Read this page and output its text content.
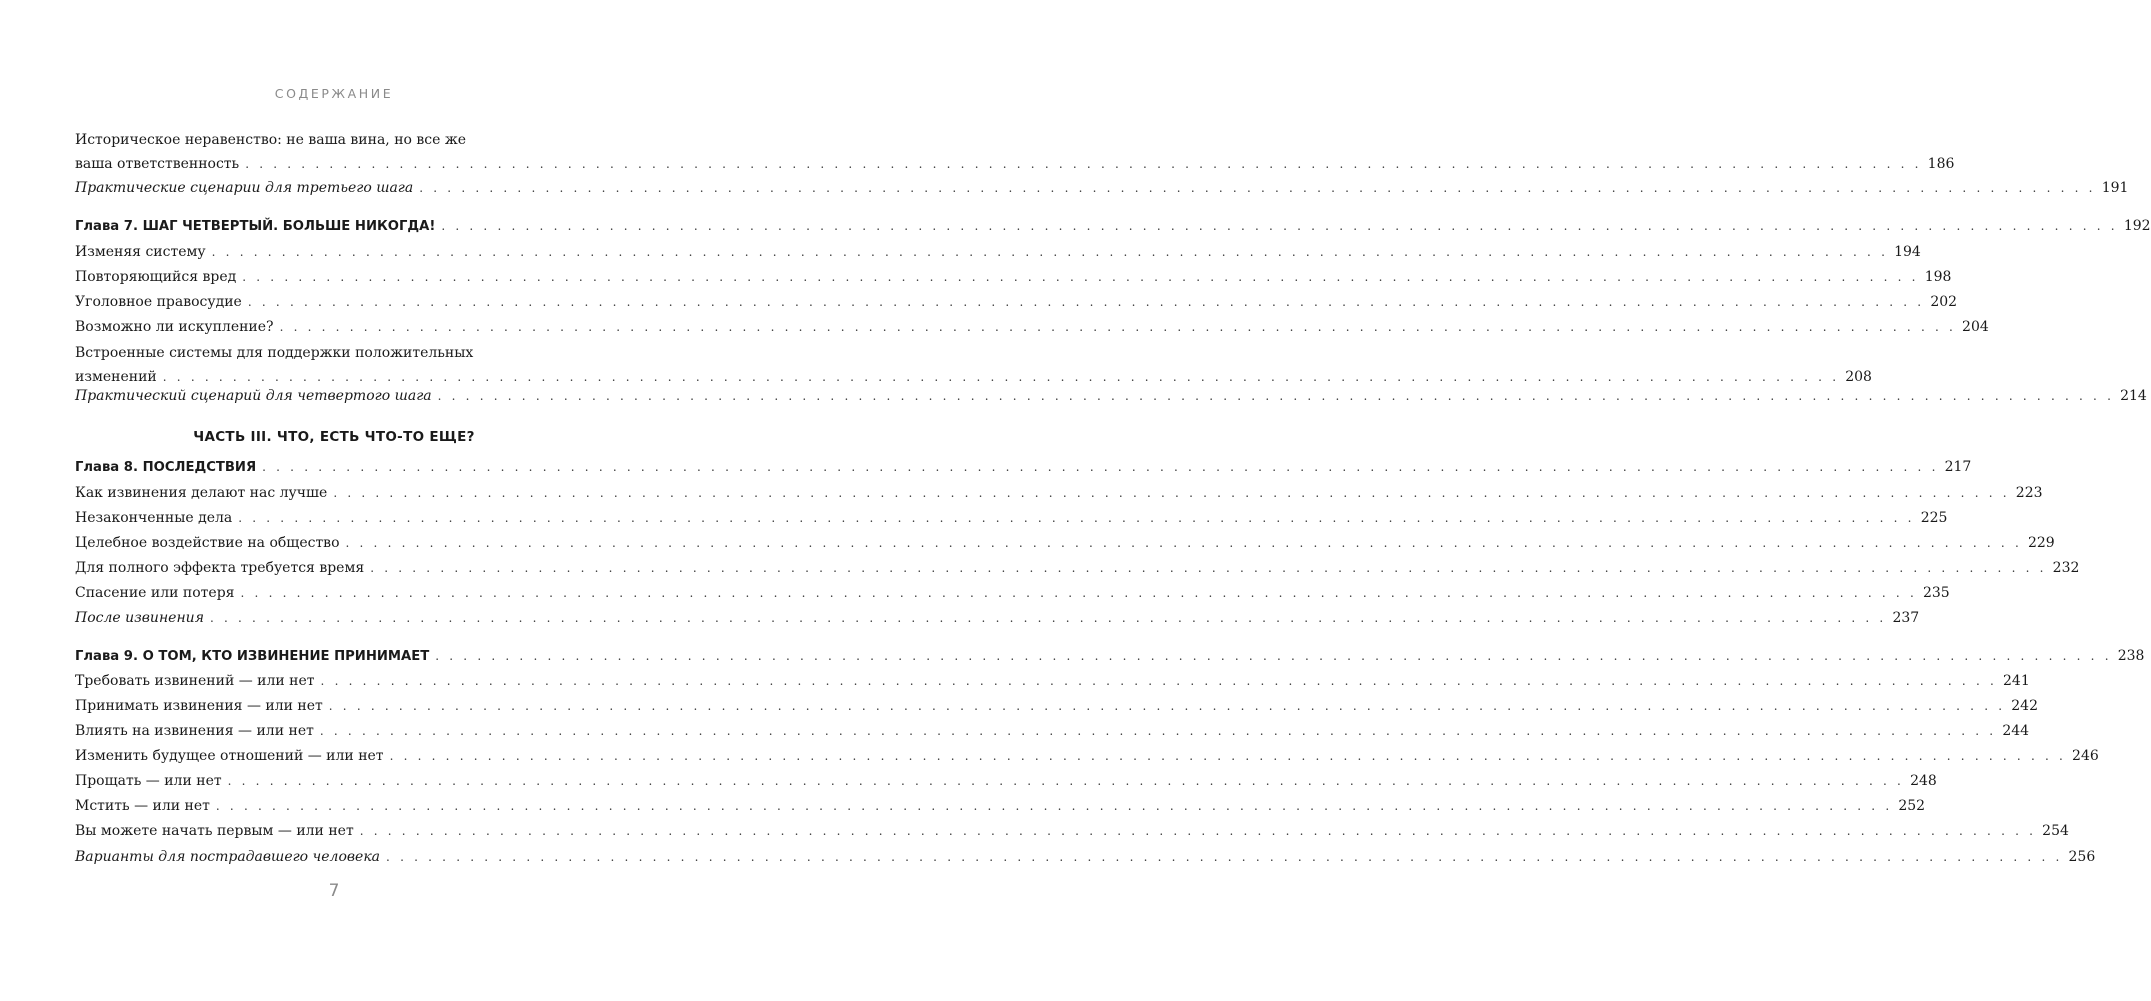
СОДЕРЖАНИЕ
Историческое неравенство: не ваша вина, но все же
ваша ответственность . . . . . . . . . . . . . . . . . . . . . . . . . . . . . . . . . . . . . . . . . . . . . . . . . . . . . . . . . . . . . . . . . . . . . . . . . . . . . . . . . . . . . . . . . . . . . . . . . . . . . . . . . . . . . . . . . . . . . . . . 186
Практические сценарии для третьего шага . . . . . . . . . . . . . . . . . . . . . . . . . . . . . . . . . . . . . . . . . . . . . . . . . . . . . . . . . . . . . . . . . . . . . . . . . . . . . . . . . . . . . . . . . . . . . . . . . . . . . . . . . . . . . . . . . . . . . . . . 191
Глава 7. ШАГ ЧЕТВЕРТЫЙ. БОЛЬШЕ НИКОГДА! . . . . . . . . . . . . . . . . . . . . . . . . . . . . . . . . . . . . . . . . . . . . . . . . . . . . . . . . . . . . . . . . . . . . . . . . . . . . . . . . . . . . . . . . . . . . . . . . . . . . . . . . . . . . . . . . . . . . . . . . 192
Изменяя систему . . . . . . . . . . . . . . . . . . . . . . . . . . . . . . . . . . . . . . . . . . . . . . . . . . . . . . . . . . . . . . . . . . . . . . . . . . . . . . . . . . . . . . . . . . . . . . . . . . . . . . . . . . . . . . . . . . . . . . . . 194
Повторяющийся вред . . . . . . . . . . . . . . . . . . . . . . . . . . . . . . . . . . . . . . . . . . . . . . . . . . . . . . . . . . . . . . . . . . . . . . . . . . . . . . . . . . . . . . . . . . . . . . . . . . . . . . . . . . . . . . . . . . . . . . . . 198
Уголовное правосудие . . . . . . . . . . . . . . . . . . . . . . . . . . . . . . . . . . . . . . . . . . . . . . . . . . . . . . . . . . . . . . . . . . . . . . . . . . . . . . . . . . . . . . . . . . . . . . . . . . . . . . . . . . . . . . . . . . . . . . . . 202
Возможно ли искупление? . . . . . . . . . . . . . . . . . . . . . . . . . . . . . . . . . . . . . . . . . . . . . . . . . . . . . . . . . . . . . . . . . . . . . . . . . . . . . . . . . . . . . . . . . . . . . . . . . . . . . . . . . . . . . . . . . . . . . . . . 204
Встроенные системы для поддержки положительных
изменений . . . . . . . . . . . . . . . . . . . . . . . . . . . . . . . . . . . . . . . . . . . . . . . . . . . . . . . . . . . . . . . . . . . . . . . . . . . . . . . . . . . . . . . . . . . . . . . . . . . . . . . . . . . . . . . . . . . . . . . . 208
Практический сценарий для четвертого шага . . . . . . . . . . . . . . . . . . . . . . . . . . . . . . . . . . . . . . . . . . . . . . . . . . . . . . . . . . . . . . . . . . . . . . . . . . . . . . . . . . . . . . . . . . . . . . . . . . . . . . . . . . . . . . . . . . . . . . . . 214
Глава 8. ПОСЛЕДСТВИЯ . . . . . . . . . . . . . . . . . . . . . . . . . . . . . . . . . . . . . . . . . . . . . . . . . . . . . . . . . . . . . . . . . . . . . . . . . . . . . . . . . . . . . . . . . . . . . . . . . . . . . . . . . . . . . . . . . . . . . . . . 217
Как извинения делают нас лучше . . . . . . . . . . . . . . . . . . . . . . . . . . . . . . . . . . . . . . . . . . . . . . . . . . . . . . . . . . . . . . . . . . . . . . . . . . . . . . . . . . . . . . . . . . . . . . . . . . . . . . . . . . . . . . . . . . . . . . . . 223
Незаконченные дела . . . . . . . . . . . . . . . . . . . . . . . . . . . . . . . . . . . . . . . . . . . . . . . . . . . . . . . . . . . . . . . . . . . . . . . . . . . . . . . . . . . . . . . . . . . . . . . . . . . . . . . . . . . . . . . . . . . . . . . . 225
Целебное воздействие на общество . . . . . . . . . . . . . . . . . . . . . . . . . . . . . . . . . . . . . . . . . . . . . . . . . . . . . . . . . . . . . . . . . . . . . . . . . . . . . . . . . . . . . . . . . . . . . . . . . . . . . . . . . . . . . . . . . . . . . . . . 229
Для полного эффекта требуется время . . . . . . . . . . . . . . . . . . . . . . . . . . . . . . . . . . . . . . . . . . . . . . . . . . . . . . . . . . . . . . . . . . . . . . . . . . . . . . . . . . . . . . . . . . . . . . . . . . . . . . . . . . . . . . . . . . . . . . . . 232
Спасение или потеря . . . . . . . . . . . . . . . . . . . . . . . . . . . . . . . . . . . . . . . . . . . . . . . . . . . . . . . . . . . . . . . . . . . . . . . . . . . . . . . . . . . . . . . . . . . . . . . . . . . . . . . . . . . . . . . . . . . . . . . . 235
После извинения . . . . . . . . . . . . . . . . . . . . . . . . . . . . . . . . . . . . . . . . . . . . . . . . . . . . . . . . . . . . . . . . . . . . . . . . . . . . . . . . . . . . . . . . . . . . . . . . . . . . . . . . . . . . . . . . . . . . . . . . 237
Глава 9. О ТОМ, КТО ИЗВИНЕНИЕ ПРИНИМАЕТ . . . . . . . . . . . . . . . . . . . . . . . . . . . . . . . . . . . . . . . . . . . . . . . . . . . . . . . . . . . . . . . . . . . . . . . . . . . . . . . . . . . . . . . . . . . . . . . . . . . . . . . . . . . . . . . . . . . . . . . . 238
Требовать извинений — или нет . . . . . . . . . . . . . . . . . . . . . . . . . . . . . . . . . . . . . . . . . . . . . . . . . . . . . . . . . . . . . . . . . . . . . . . . . . . . . . . . . . . . . . . . . . . . . . . . . . . . . . . . . . . . . . . . . . . . . . . . 241
Принимать извинения — или нет . . . . . . . . . . . . . . . . . . . . . . . . . . . . . . . . . . . . . . . . . . . . . . . . . . . . . . . . . . . . . . . . . . . . . . . . . . . . . . . . . . . . . . . . . . . . . . . . . . . . . . . . . . . . . . . . . . . . . . . . 242
Влиять на извинения — или нет . . . . . . . . . . . . . . . . . . . . . . . . . . . . . . . . . . . . . . . . . . . . . . . . . . . . . . . . . . . . . . . . . . . . . . . . . . . . . . . . . . . . . . . . . . . . . . . . . . . . . . . . . . . . . . . . . . . . . . . . 244
Изменить будущее отношений — или нет . . . . . . . . . . . . . . . . . . . . . . . . . . . . . . . . . . . . . . . . . . . . . . . . . . . . . . . . . . . . . . . . . . . . . . . . . . . . . . . . . . . . . . . . . . . . . . . . . . . . . . . . . . . . . . . . . . . . . . . . 246
Прощать — или нет . . . . . . . . . . . . . . . . . . . . . . . . . . . . . . . . . . . . . . . . . . . . . . . . . . . . . . . . . . . . . . . . . . . . . . . . . . . . . . . . . . . . . . . . . . . . . . . . . . . . . . . . . . . . . . . . . . . . . . . . 248
Мстить — или нет . . . . . . . . . . . . . . . . . . . . . . . . . . . . . . . . . . . . . . . . . . . . . . . . . . . . . . . . . . . . . . . . . . . . . . . . . . . . . . . . . . . . . . . . . . . . . . . . . . . . . . . . . . . . . . . . . . . . . . . . 252
Вы можете начать первым — или нет . . . . . . . . . . . . . . . . . . . . . . . . . . . . . . . . . . . . . . . . . . . . . . . . . . . . . . . . . . . . . . . . . . . . . . . . . . . . . . . . . . . . . . . . . . . . . . . . . . . . . . . . . . . . . . . . . . . . . . . . 254
Варианты для пострадавшего человека . . . . . . . . . . . . . . . . . . . . . . . . . . . . . . . . . . . . . . . . . . . . . . . . . . . . . . . . . . . . . . . . . . . . . . . . . . . . . . . . . . . . . . . . . . . . . . . . . . . . . . . . . . . . . . . . . . . . . . . . 256
ЧАСТЬ III. ЧТО, ЕСТЬ ЧТО-ТО ЕЩЕ?
7
